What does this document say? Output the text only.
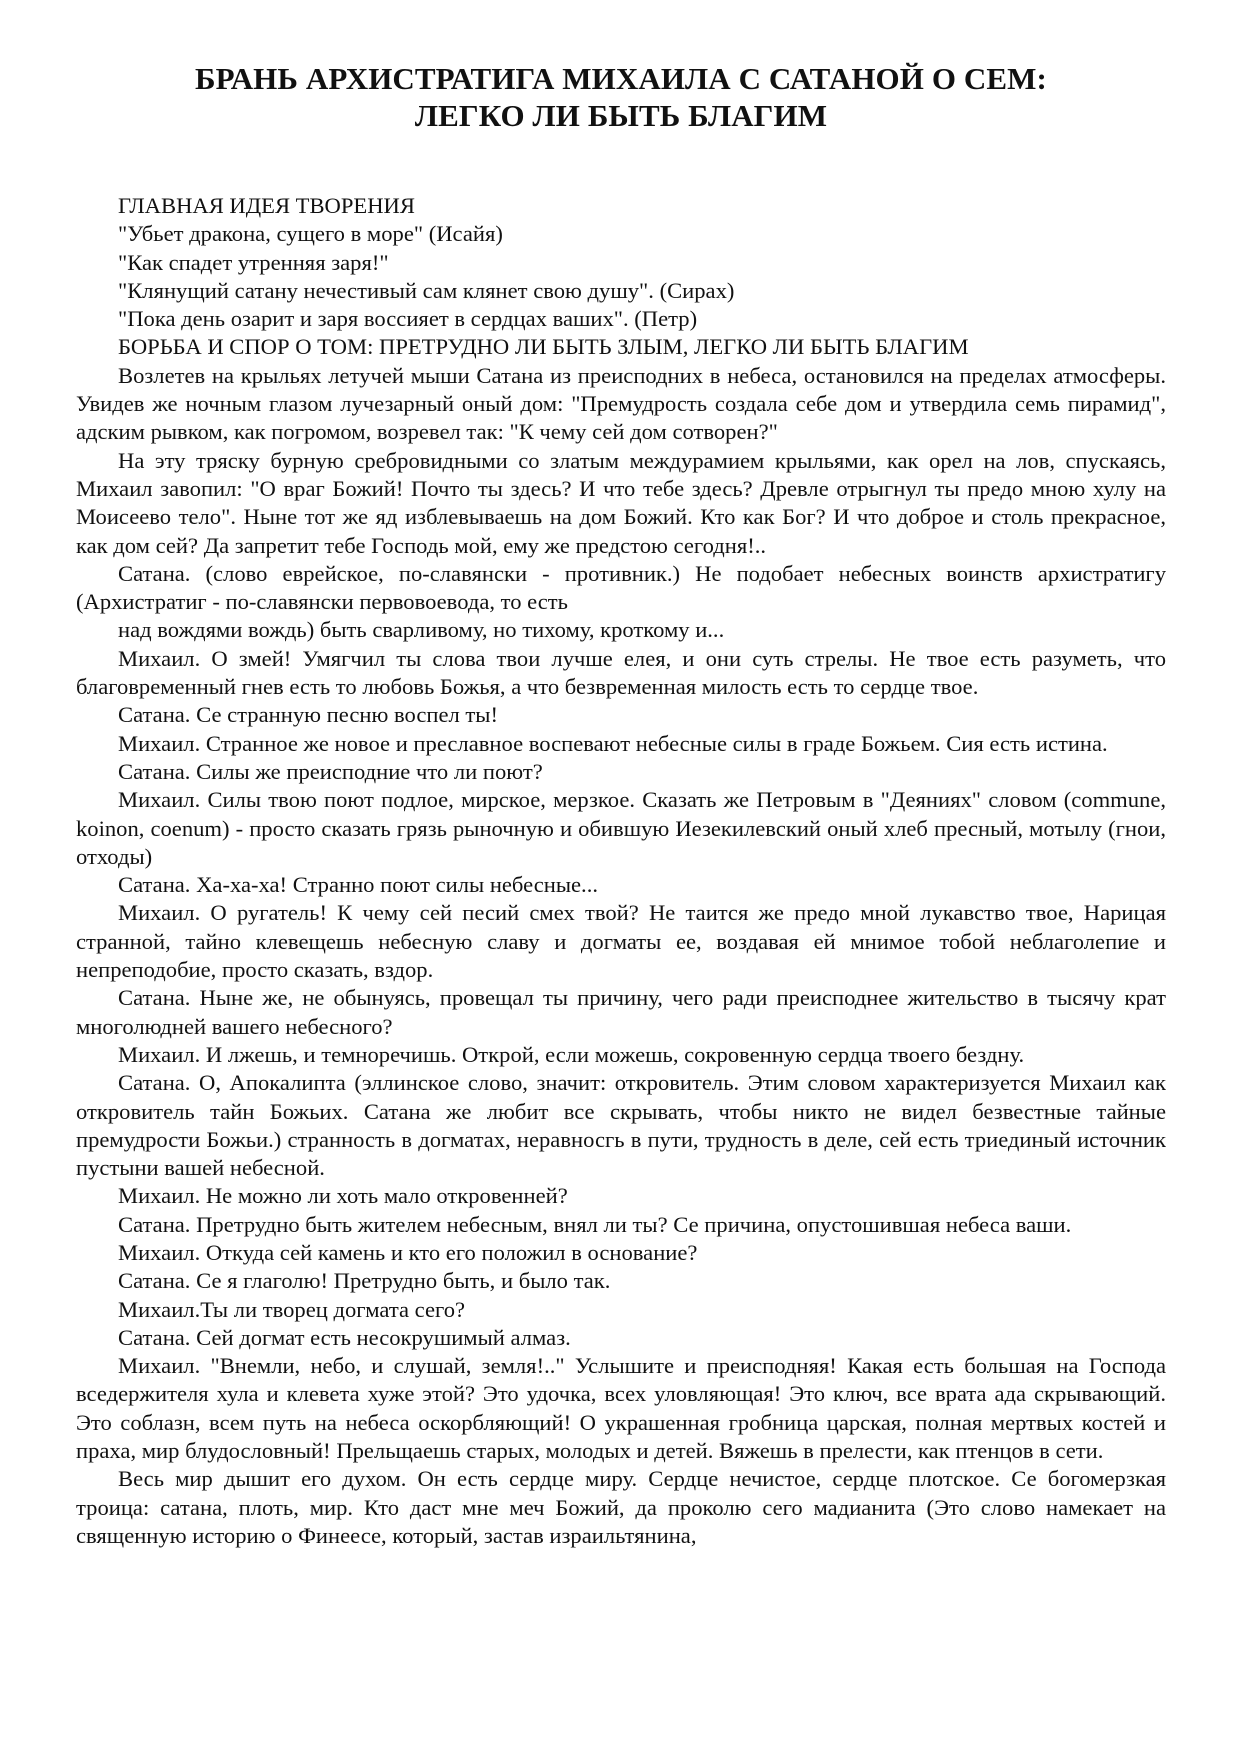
БРАНЬ АРХИСТРАТИГА МИХАИЛА С САТАНОЙ О СЕМ:
ЛЕГКО ЛИ БЫТЬ БЛАГИМ

ГЛАВНАЯ ИДЕЯ ТВОРЕНИЯ

"Убьет дракона, сущего в море" (Исайя)

"Как спадет утренняя заря!"

"Клянущий сатану нечестивый сам клянет свою душу". (Сирах)

"Пока день озарит и заря воссияет в сердцах ваших". (Петр)

БОРЬБА И СПОР О ТОМ: ПРЕТРУДНО ЛИ БЫТЬ ЗЛЫМ, ЛЕГКО ЛИ БЫТЬ БЛАГИМ

Возлетев на крыльях летучей мыши Сатана из преисподних в небеса, остановился на пределах атмосферы. Увидев же ночным глазом лучезарный оный дом: "Премудрость создала себе дом и утвердила семь пирамид", адским рывком, как погромом, возревел так: "К чему сей дом сотворен?"

На эту тряску бурную сребровидными со златым междурамием крыльями, как орел на лов, спускаясь, Михаил завопил: "О враг Божий! Почто ты здесь? И что тебе здесь? Древле отрыгнул ты предо мною хулу на Моисеево тело". Ныне тот же яд изблевываешь на дом Божий. Кто как Бог? И что доброе и столь прекрасное, как дом сей? Да запретит тебе Господь мой, ему же предстою сегодня!..

Сатана. (слово еврейское, по-славянски - противник.) Не подобает небесных воинств архистратигу (Архистратиг - по-славянски первовоеводa, то есть

над вождями вождь) быть сварливому, но тихому, кроткому и...

Михаил. О змей! Умягчил ты слова твои лучше елея, и они суть стрелы. Не твое есть разуметь, что благовременный гнев есть то любовь Божья, а что безвременная милость есть то сердце твое.

Сатана. Се странную песню воспел ты!

Михаил. Странное же новое и преславное воспевают небесные силы в граде Божьем. Сия есть истина.

Сатана. Силы же преисподние что ли поют?

Михаил. Силы твою поют подлое, мирское, мерзкое. Сказать же Петровым в "Деяниях" словом (commune, koinon, coenum) - просто сказать грязь рыночную и обившую Иезекилевский оный хлеб пресный, мотылу (гнои, отходы)

Сатана. Ха-ха-ха! Странно поют силы небесные...

Михаил. О ругатель! К чему сей песий смех твой? Не таится же предо мной лукавство твое, Нарицая странной, тайно клевещешь небесную славу и догматы ее, воздавая ей мнимое тобой неблаголепие и непреподобие, просто сказать, вздор.

Сатана. Ныне же, не обынуясь, провещал ты причину, чего ради преисподнее жительство в тысячу крат многолюдней вашего небесного?

Михаил. И лжешь, и темноречишь. Открой, если можешь, сокровенную сердца твоего бездну.

Сатана. О, Апокалипта (эллинское слово, значит: откровитель. Этим словом характеризуется Михаил как откровитель тайн Божьих. Сатана же любит все скрывать, чтобы никто не видел безвестные тайные премудрости Божьи.) странность в догматах, неравносгь в пути, трудность в деле, сей есть триединый источник пустыни вашей небесной.

Михаил. Не можно ли хоть мало откровенней?

Сатана. Претрудно быть жителем небесным, внял ли ты? Се причина, опустошившая небеса ваши.

Михаил. Откуда сей камень и кто его положил в основание?

Сатана. Се я глаголю! Претрудно быть, и было так.

Михаил.Ты ли творец догмата сего?

Сатана. Сей догмат есть несокрушимый алмаз.

Михаил. "Внемли, небо, и слушай, земля!.." Услышите и преисподняя! Какая есть большая на Господа вседержителя хула и клевета хуже этой? Это удочка, всех уловляющая! Это ключ, все врата ада скрывающий. Это соблазн, всем путь на небеса оскорбляющий! О украшенная гробница царская, полная мертвых костей и праха, мир блудословный! Прельщаешь старых, молодых и детей. Вяжешь в прелести, как птенцов в сети.

Весь мир дышит его духом. Он есть сердце миру. Сердце нечистое, сердце плотское. Се богомерзкая троица: сатана, плоть, мир. Кто даст мне меч Божий, да проколю сего мадианита (Это слово намекает на священную историю о Финеесе, который, застав израильтянина,
